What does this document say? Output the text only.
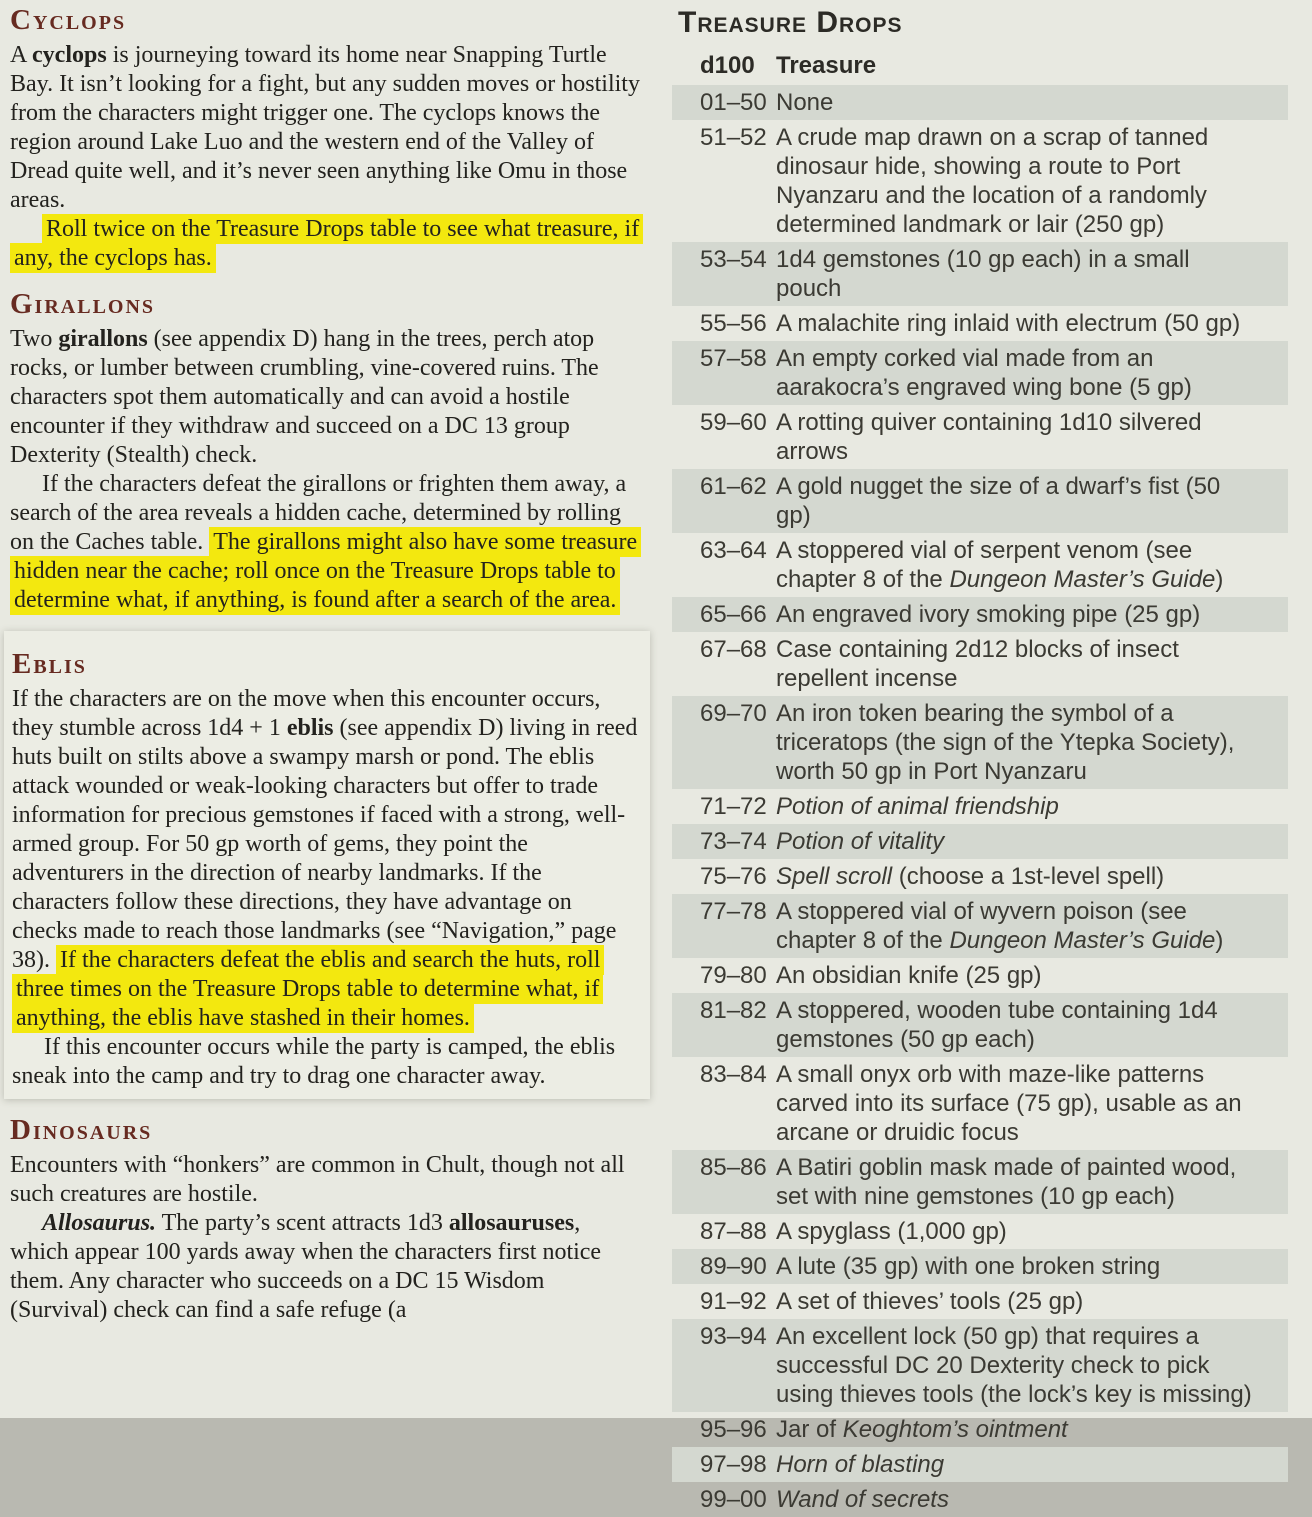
Cyclops

A cyclops is journeying toward its home near Snapping Turtle Bay. It isn’t looking for a fight, but any sudden moves or hostility from the characters might trigger one. The cyclops knows the region around Lake Luo and the western end of the Valley of Dread quite well, and it’s never seen anything like Omu in those areas.

Roll twice on the Treasure Drops table to see what treasure, if any, the cyclops has.

Girallons

Two girallons (see appendix D) hang in the trees, perch atop rocks, or lumber between crumbling, vine-covered ruins. The characters spot them automatically and can avoid a hostile encounter if they withdraw and succeed on a DC 13 group Dexterity (Stealth) check.

If the characters defeat the girallons or frighten them away, a search of the area reveals a hidden cache, determined by rolling on the Caches table. The girallons might also have some treasure hidden near the cache; roll once on the Treasure Drops table to determine what, if anything, is found after a search of the area.

Eblis

If the characters are on the move when this encounter occurs, they stumble across 1d4 + 1 eblis (see appendix D) living in reed huts built on stilts above a swampy marsh or pond. The eblis attack wounded or weak-looking characters but offer to trade information for precious gemstones if faced with a strong, well-armed group. For 50 gp worth of gems, they point the adventurers in the direction of nearby landmarks. If the characters follow these directions, they have advantage on checks made to reach those landmarks (see “Navigation,” page 38). If the characters defeat the eblis and search the huts, roll three times on the Treasure Drops table to determine what, if anything, the eblis have stashed in their homes.

If this encounter occurs while the party is camped, the eblis sneak into the camp and try to drag one character away.

Dinosaurs

Encounters with “honkers” are common in Chult, though not all such creatures are hostile.

Allosaurus. The party’s scent attracts 1d3 allosauruses, which appear 100 yards away when the characters first notice them. Any character who succeeds on a DC 15 Wisdom (Survival) check can find a safe refuge (a

Treasure Drops
d100 Treasure
01–50 None
51–52 A crude map drawn on a scrap of tanned dinosaur hide, showing a route to Port Nyanzaru and the location of a randomly determined landmark or lair (250 gp)
53–54 1d4 gemstones (10 gp each) in a small pouch
55–56 A malachite ring inlaid with electrum (50 gp)
57–58 An empty corked vial made from an aarakocra’s engraved wing bone (5 gp)
59–60 A rotting quiver containing 1d10 silvered arrows
61–62 A gold nugget the size of a dwarf’s fist (50 gp)
63–64 A stoppered vial of serpent venom (see chapter 8 of the Dungeon Master’s Guide)
65–66 An engraved ivory smoking pipe (25 gp)
67–68 Case containing 2d12 blocks of insect repellent incense
69–70 An iron token bearing the symbol of a triceratops (the sign of the Ytepka Society), worth 50 gp in Port Nyanzaru
71–72 Potion of animal friendship
73–74 Potion of vitality
75–76 Spell scroll (choose a 1st-level spell)
77–78 A stoppered vial of wyvern poison (see chapter 8 of the Dungeon Master’s Guide)
79–80 An obsidian knife (25 gp)
81–82 A stoppered, wooden tube containing 1d4 gemstones (50 gp each)
83–84 A small onyx orb with maze-like patterns carved into its surface (75 gp), usable as an arcane or druidic focus
85–86 A Batiri goblin mask made of painted wood, set with nine gemstones (10 gp each)
87–88 A spyglass (1,000 gp)
89–90 A lute (35 gp) with one broken string
91–92 A set of thieves’ tools (25 gp)
93–94 An excellent lock (50 gp) that requires a successful DC 20 Dexterity check to pick using thieves tools (the lock’s key is missing)
95–96 Jar of Keoghtom’s ointment
97–98 Horn of blasting
99–00 Wand of secrets
